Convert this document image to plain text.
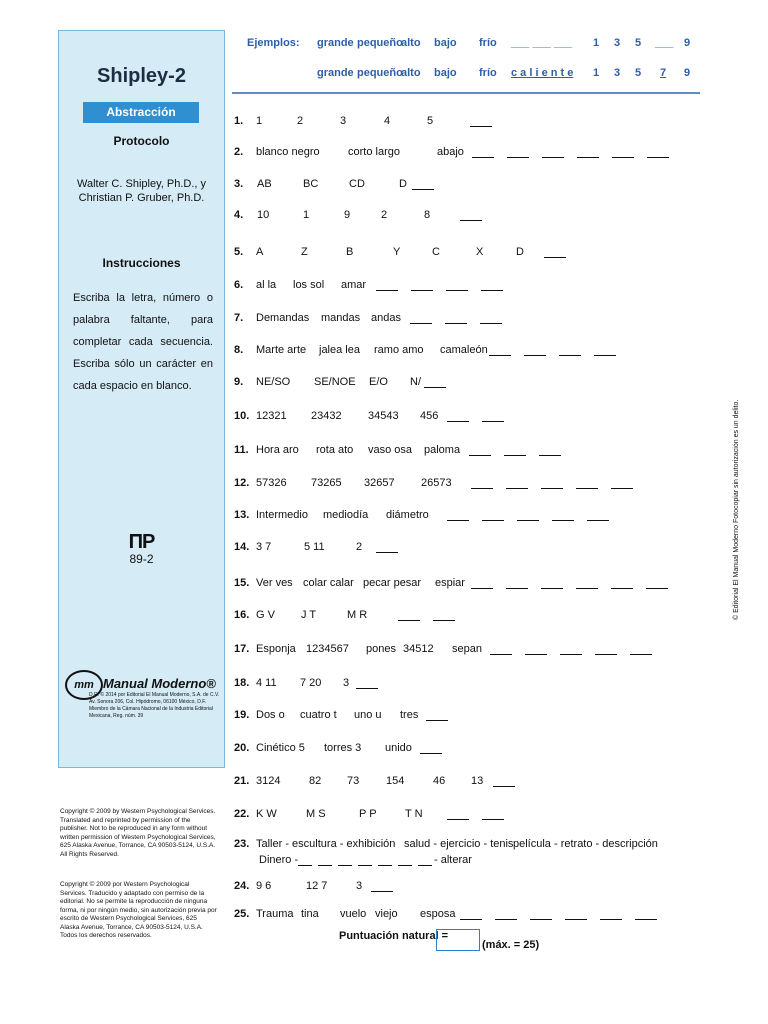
Shipley-2
Abstracción
Protocolo
Walter C. Shipley, Ph.D., y
Christian P. Gruber, Ph.D.
Instrucciones
Escriba la letra, número o palabra faltante, para completar cada secuencia. Escriba sólo un carácter en cada espacio en blanco.
ΠP
89-2
mm Manual Moderno®
D.R. © 2014 por Editorial El Manual Moderno, S.A. de C.V. Av. Sonora 206, Col. Hipódromo, 06100 México, D.F. Miembro de la Cámara Nacional de la Industria Editorial Mexicana, Reg. núm. 39
Copyright © 2009 by Western Psychological Services. Translated and reprinted by permission of the publisher. Not to be reproduced in any form without written permission of Western Psychological Services, 625 Alaska Avenue, Torrance, CA 90503-5124, U.S.A. All Rights Reserved.
Copyright © 2009 por Western Psychological Services. Traducido y adaptado con permiso de la editorial. No se permite la reproducción de ninguna forma, ni por ningún medio, sin autorización previa por escrito de Western Psychological Services, 625 Alaska Avenue, Torrance, CA 90503-5124, U.S.A. Todos los derechos reservados.
Ejemplos: grande pequeño
alto bajo frío ___ ___ ___ 1 3 5 ___ 9
grande pequeño
alto bajo frío c a l i e n t e 1 3 5 7 9
1. 1	2	3	4	5
2. blanco negro	corto largo	abajo
3. AB	BC	CD	D
4. 10	1	9	2	8
5. A	Z	B	Y	C	X	D
6. al la los sol amar
7. Demandas mandas andas
8. Marte arte jalea lea ramo amo camaleón
9. NE/SO SE/NOE E/O N/
10. 12321 23432 34543 456
11. Hora aro rota ato vaso osa paloma
12. 57326 73265 32657 26573
13. Intermedio mediodía diámetro
14. 3 7	5 11	2
15. Ver ves colar calar pecar pesar espiar
16. G V J T	M R
17. Esponja 1234567 pones 34512 sepan
18. 4 11 7 20 3
19. Dos o cuatro t uno u tres
20. Cinético 5 torres 3 unido
21. 3124	82 73 154	46 13
22. K W	M S	P P	T N
23. Taller - escultura - exhibición salud - ejercicio - tenis película - retrato - descripción
Dinero -	- alterar
24. 9 6	12 7	3
25. Trauma tina vuelo viejo esposa
Puntuación natural =
(máx. = 25)
© Editorial El Manual Moderno Fotocopiar sin autorización es un delito.
